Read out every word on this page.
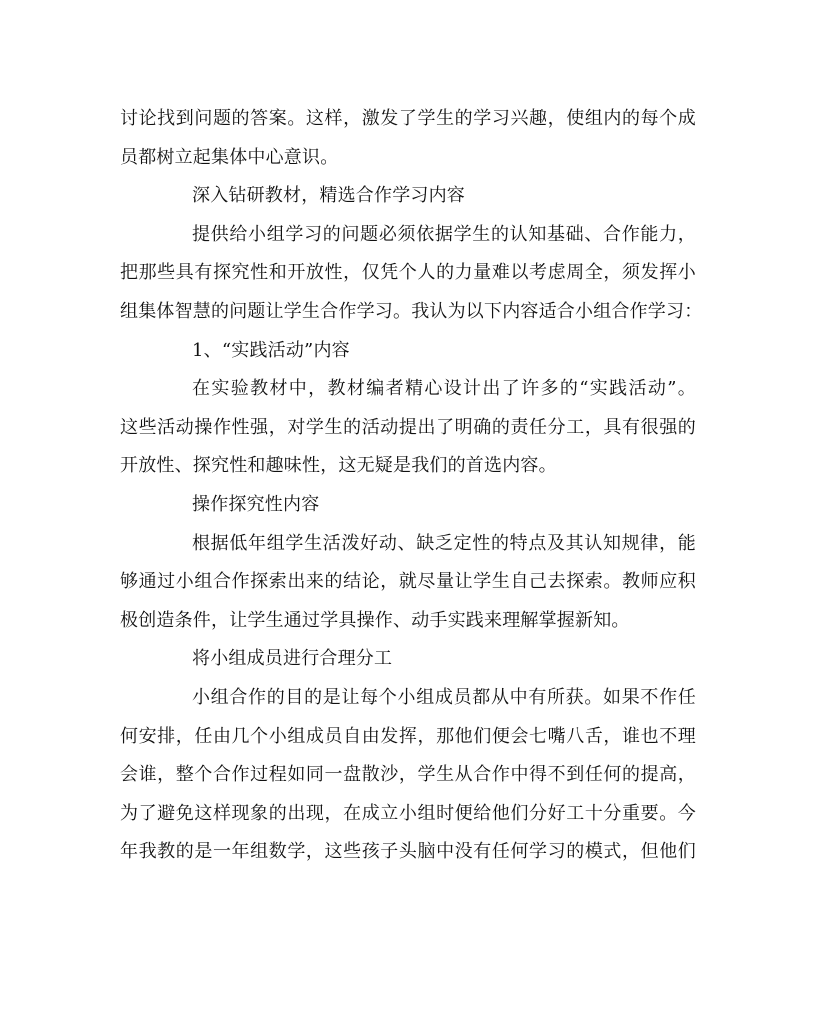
讨论找到问题的答案。这样，激发了学生的学习兴趣，使组内的每个成
员都树立起集体中心意识。
深入钻研教材，精选合作学习内容
提供给小组学习的问题必须依据学生的认知基础、合作能力，
把那些具有探究性和开放性，仅凭个人的力量难以考虑周全，须发挥小
组集体智慧的问题让学生合作学习。我认为以下内容适合小组合作学习：
1、“实践活动”内容
在实验教材中，教材编者精心设计出了许多的“实践活动”。
这些活动操作性强，对学生的活动提出了明确的责任分工，具有很强的
开放性、探究性和趣味性，这无疑是我们的首选内容。
操作探究性内容
根据低年组学生活泼好动、缺乏定性的特点及其认知规律，能
够通过小组合作探索出来的结论，就尽量让学生自己去探索。教师应积
极创造条件，让学生通过学具操作、动手实践来理解掌握新知。
将小组成员进行合理分工
小组合作的目的是让每个小组成员都从中有所获。如果不作任
何安排，任由几个小组成员自由发挥，那他们便会七嘴八舌，谁也不理
会谁，整个合作过程如同一盘散沙，学生从合作中得不到任何的提高，
为了避免这样现象的出现，在成立小组时便给他们分好工十分重要。今
年我教的是一年组数学，这些孩子头脑中没有任何学习的模式，但他们
